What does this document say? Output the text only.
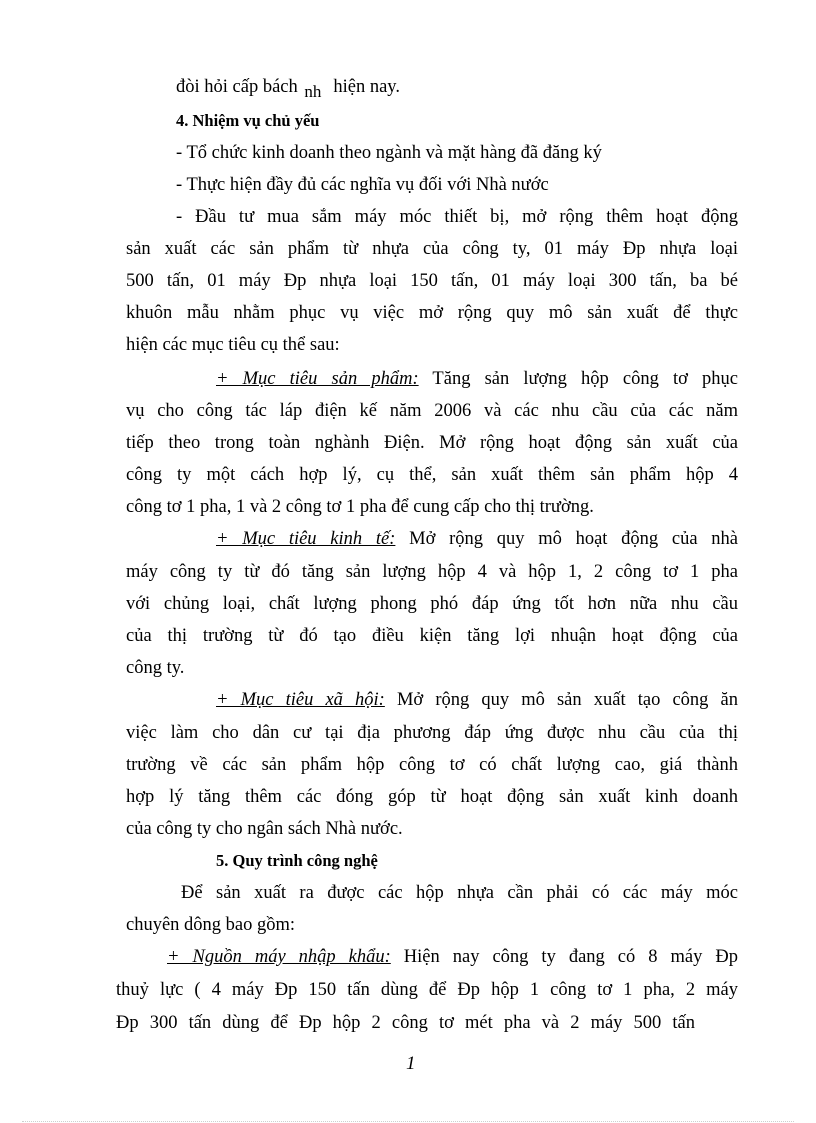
đòi hỏi cấp bách nh hiện nay.
4. Nhiệm vụ chủ yếu
- Tổ chức kinh doanh theo ngành và mặt hàng đã đăng ký
- Thực hiện đầy đủ các nghĩa vụ đối với Nhà nước
- Đầu tư mua sắm máy móc thiết bị, mở rộng thêm hoạt động
sản xuất các sản phẩm từ nhựa của công ty, 01 máy Đp nhựa loại
500 tấn, 01 máy Đp nhựa loại 150 tấn, 01 máy loại 300 tấn, ba bé
khuôn mẫu nhằm phục vụ việc mở rộng quy mô sản xuất để thực
hiện các mục tiêu cụ thể sau:
+ Mục tiêu sản phẩm: Tăng sản lượng hộp công tơ phục
vụ cho công tác láp điện kế năm 2006 và các nhu cầu của các năm
tiếp theo trong toàn nghành Điện. Mở rộng hoạt động sản xuất của
công ty một cách hợp lý, cụ thể, sản xuất thêm sản phẩm hộp 4
công tơ 1 pha, 1 và 2 công tơ 1 pha để cung cấp cho thị trường.
+ Mục tiêu kinh tế: Mở rộng quy mô hoạt động của nhà
máy công ty từ đó tăng sản lượng hộp 4 và hộp 1, 2 công tơ 1 pha
với chủng loại, chất lượng phong phó đáp ứng tốt hơn nữa nhu cầu
của thị trường từ đó tạo điều kiện tăng lợi nhuận hoạt động của
công ty.
+ Mục tiêu xã hội: Mở rộng quy mô sản xuất tạo công ăn
việc làm cho dân cư tại địa phương đáp ứng được nhu cầu của thị
trường về các sản phẩm hộp công tơ có chất lượng cao, giá thành
hợp lý tăng thêm các đóng góp từ hoạt động sản xuất kinh doanh
của công ty cho ngân sách Nhà nước.
5. Quy trình công nghệ
Để sản xuất ra được các hộp nhựa cần phải có các máy móc
chuyên dông bao gồm:
+ Nguồn máy nhập khẩu: Hiện nay công ty đang có 8 máy Đp
thuỷ lực ( 4 máy Đp 150 tấn dùng để Đp hộp 1 công tơ 1 pha, 2 máy
Đp 300 tấn dùng để Đp hộp 2 công tơ mét pha và 2 máy 500 tấn
1
